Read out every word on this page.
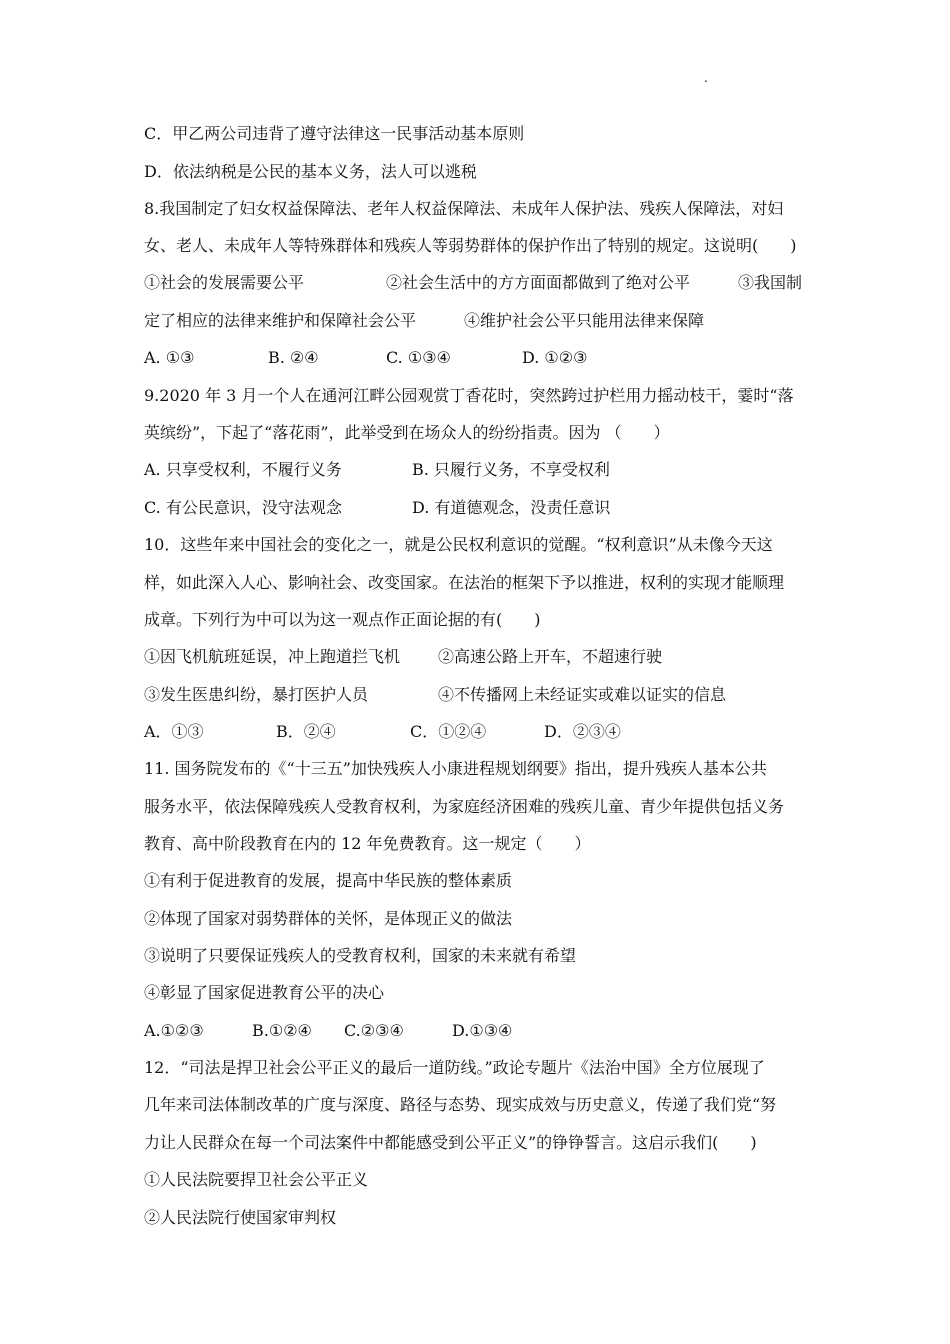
.
C．甲乙两公司违背了遵守法律这一民事活动基本原则
D．依法纳税是公民的基本义务，法人可以逃税
8.我国制定了妇女权益保障法、老年人权益保障法、未成年人保护法、残疾人保障法，对妇
女、老人、未成年人等特殊群体和残疾人等弱势群体的保护作出了特别的规定。这说明(　　)
①社会的发展需要公平	②社会生活中的方方面面都做到了绝对公平	③我国制
定了相应的法律来维护和保障社会公平	④维护社会公平只能用法律来保障
A. ①③	B. ②④	C. ①③④	D. ①②③
9.2020 年 3 月一个人在通河江畔公园观赏丁香花时，突然跨过护栏用力摇动枝干，霎时“落
英缤纷”，下起了“落花雨”，此举受到在场众人的纷纷指责。因为 （　　）
A. 只享受权利，不履行义务	B. 只履行义务，不享受权利
C. 有公民意识，没守法观念	D. 有道德观念，没责任意识
10．这些年来中国社会的变化之一，就是公民权利意识的觉醒。“权利意识”从未像今天这
样，如此深入人心、影响社会、改变国家。在法治的框架下予以推进，权利的实现才能顺理
成章。下列行为中可以为这一观点作正面论据的有(　　)
①因飞机航班延误，冲上跑道拦飞机 ②高速公路上开车，不超速行驶
③发生医患纠纷，暴打医护人员	④不传播网上未经证实或难以证实的信息
A．①③	B．②④	C．①②④	D．②③④
11. 国务院发布的《“十三五”加快残疾人小康进程规划纲要》指出，提升残疾人基本公共
服务水平，依法保障残疾人受教育权利，为家庭经济困难的残疾儿童、青少年提供包括义务
教育、高中阶段教育在内的 12 年免费教育。这一规定（　　）
①有利于促进教育的发展，提高中华民族的整体素质
②体现了国家对弱势群体的关怀，是体现正义的做法
③说明了只要保证残疾人的受教育权利，国家的未来就有希望
④彰显了国家促进教育公平的决心
A.①②③	B.①②④ C.②③④	D.①③④
12．“司法是捍卫社会公平正义的最后一道防线。”政论专题片《法治中国》全方位展现了
几年来司法体制改革的广度与深度、路径与态势、现实成效与历史意义，传递了我们党“努
力让人民群众在每一个司法案件中都能感受到公平正义”的铮铮誓言。这启示我们(　　)
①人民法院要捍卫社会公平正义
②人民法院行使国家审判权
